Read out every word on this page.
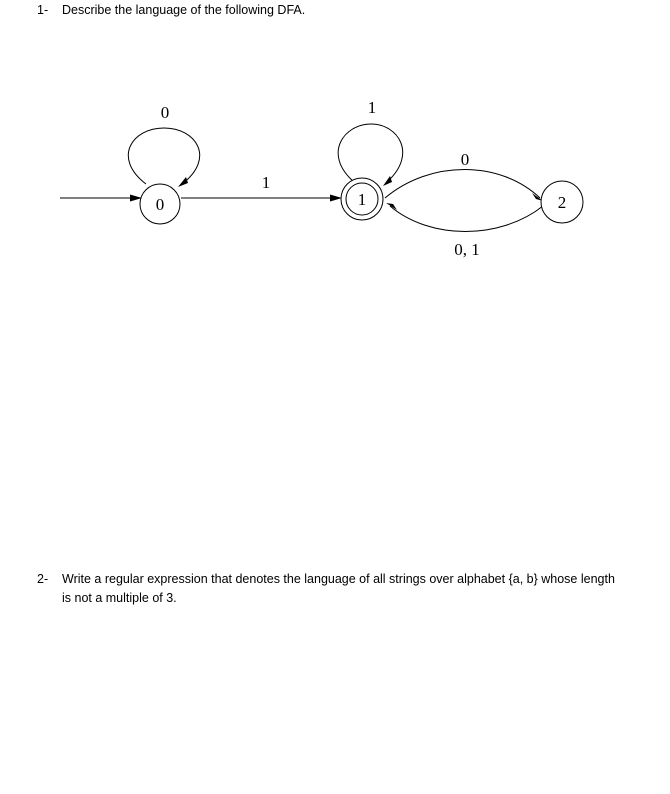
1- Describe the language of the following DFA.
0	1	2
0
1
1
0
0, 1
2- Write a regular expression that denotes the language of all strings over alphabet {a, b} whose length is not a multiple of 3.
